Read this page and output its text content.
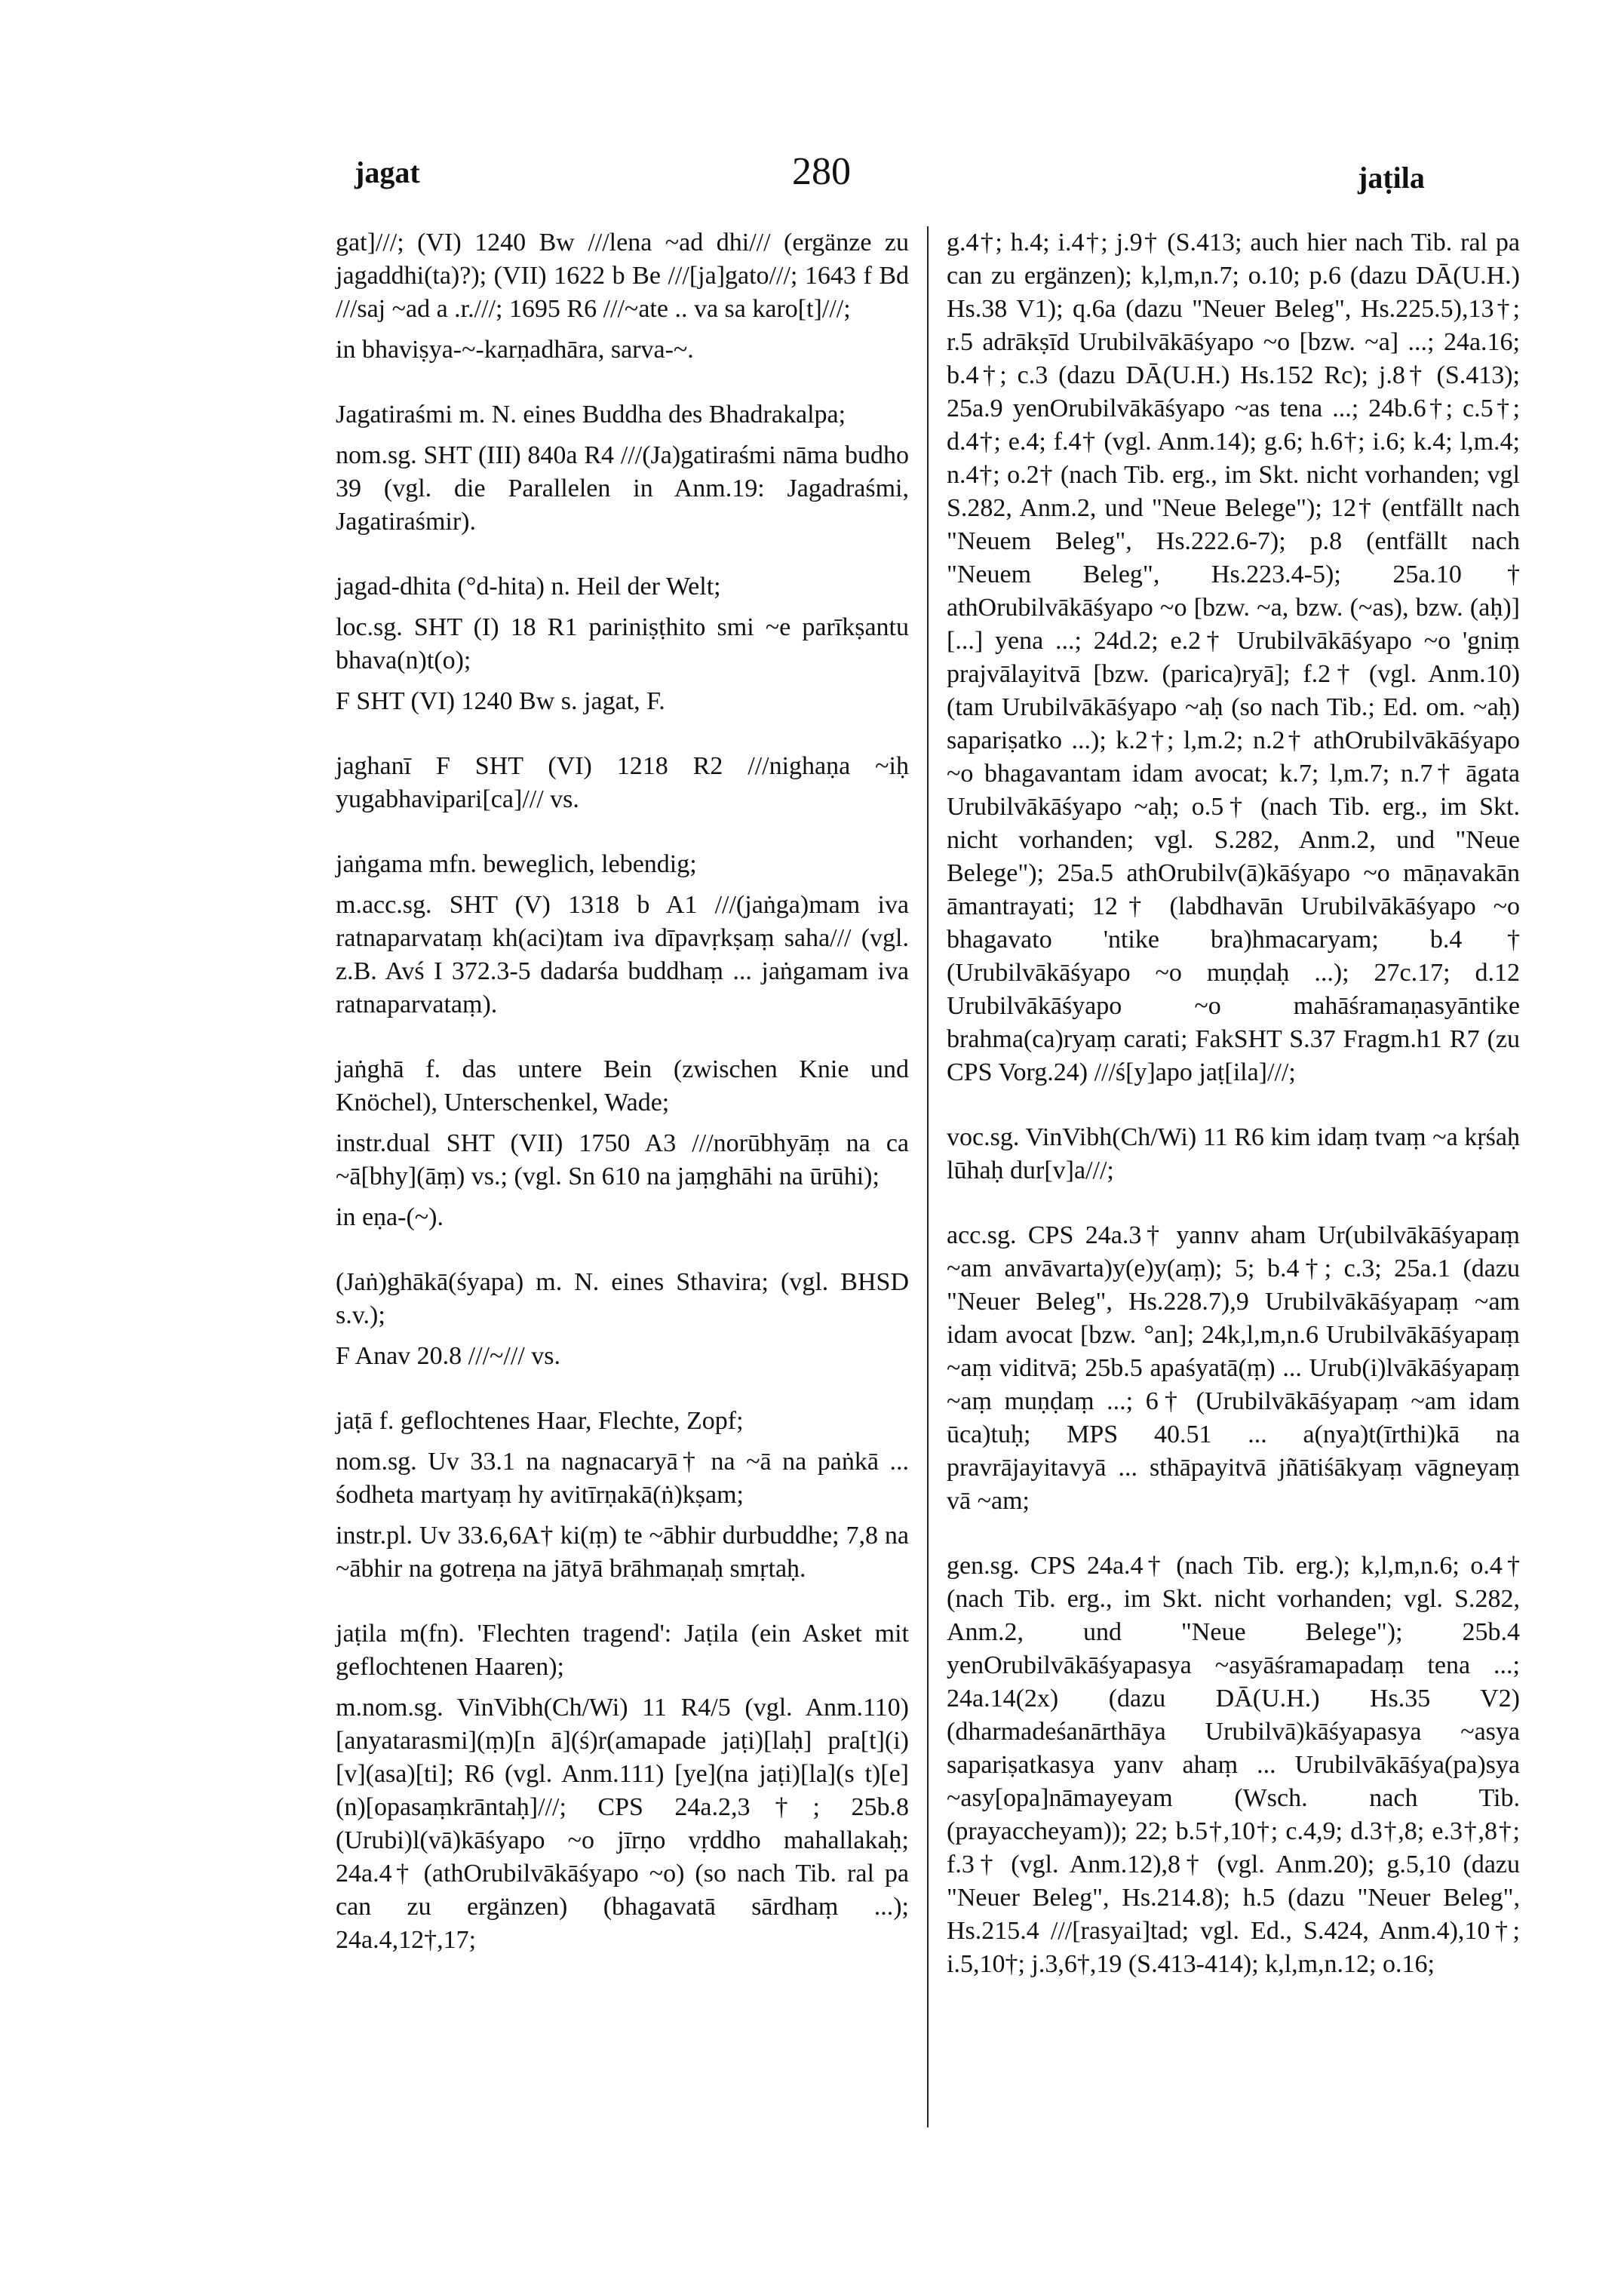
jagat	280	jaṭila

gat]///; (VI) 1240 Bw ///lena ~ad dhi/// (ergänze zu jagaddhi(ta)?); (VII) 1622 b Be ///[ja]gato///; 1643 f Bd ///saj ~ad a .r.///; 1695 R6 ///~ate .. va sa karo[t]///;

in bhaviṣya-~-karṇadhāra, sarva-~.

Jagatiraśmi m. N. eines Buddha des Bhadrakalpa;

nom.sg. SHT (III) 840a R4 ///(Ja)gatiraśmi nāma budho 39 (vgl. die Parallelen in Anm.19: Jagadraśmi, Jagatiraśmir).

jagad-dhita (°d-hita) n. Heil der Welt;

loc.sg. SHT (I) 18 R1 pariniṣṭhito smi ~e parīkṣantu bhava(n)t(o);

F SHT (VI) 1240 Bw s. jagat, F.

jaghanī F SHT (VI) 1218 R2 ///nighaṇa ~iḥ yugabhavipari[ca]/// vs.

jaṅgama mfn. beweglich, lebendig;

m.acc.sg. SHT (V) 1318 b A1 ///(jaṅga)mam iva ratnaparvataṃ kh(aci)tam iva dīpavṛkṣaṃ saha/// (vgl. z.B. Avś I 372.3-5 dadarśa buddhaṃ ... jaṅgamam iva ratnaparvataṃ).

jaṅghā f. das untere Bein (zwischen Knie und Knöchel), Unterschenkel, Wade;

instr.dual SHT (VII) 1750 A3 ///norūbhyāṃ na ca ~ā[bhy](āṃ) vs.; (vgl. Sn 610 na jaṃghāhi na ūrūhi);

in eṇa-(~).

(Jaṅ)ghākā(śyapa) m. N. eines Sthavira; (vgl. BHSD s.v.);

F Anav 20.8 ///~/// vs.

jaṭā f. geflochtenes Haar, Flechte, Zopf;

nom.sg. Uv 33.1 na nagnacaryā† na ~ā na paṅkā ... śodheta martyaṃ hy avitīrṇakā(ṅ)kṣam;

instr.pl. Uv 33.6,6A† ki(ṃ) te ~ābhir durbuddhe; 7,8 na ~ābhir na gotreṇa na jātyā brāhmaṇaḥ smṛtaḥ.

jaṭila m(fn). 'Flechten tragend': Jaṭila (ein Asket mit geflochtenen Haaren);

m.nom.sg. VinVibh(Ch/Wi) 11 R4/5 (vgl. Anm.110) [anyatarasmi](ṃ)[n ā](ś)r(amapade jaṭi)[laḥ] pra[t](i)[v](asa)[ti]; R6 (vgl. Anm.111) [ye](na jaṭi)[la](s t)[e](n)[opasaṃkrāntaḥ]///; CPS 24a.2,3†; 25b.8 (Urubi)l(vā)kāśyapo ~o jīrṇo vṛddho mahallakaḥ; 24a.4† (athOrubilvākāśyapo ~o) (so nach Tib. ral pa can zu ergänzen) (bhagavatā sārdhaṃ ...); 24a.4,12†,17;

g.4†; h.4; i.4†; j.9† (S.413; auch hier nach Tib. ral pa can zu ergänzen); k,l,m,n.7; o.10; p.6 (dazu DĀ(U.H.) Hs.38 V1); q.6a (dazu "Neuer Beleg", Hs.225.5),13†; r.5 adrākṣīd Urubilvākāśyapo ~o [bzw. ~a] ...; 24a.16; b.4†; c.3 (dazu DĀ(U.H.) Hs.152 Rc); j.8† (S.413); 25a.9 yenOrubilvākāśyapo ~as tena ...; 24b.6†; c.5†; d.4†; e.4; f.4† (vgl. Anm.14); g.6; h.6†; i.6; k.4; l,m.4; n.4†; o.2† (nach Tib. erg., im Skt. nicht vorhanden; vgl S.282, Anm.2, und "Neue Belege"); 12† (entfällt nach "Neuem Beleg", Hs.222.6-7); p.8 (entfällt nach "Neuem Beleg", Hs.223.4-5); 25a.10† athOrubilvākāśyapo ~o [bzw. ~a, bzw. (~as), bzw. (aḥ)] [...] yena ...; 24d.2; e.2† Urubilvākāśyapo ~o 'gniṃ prajvālayitvā [bzw. (parica)ryā]; f.2† (vgl. Anm.10) (tam Urubilvākāśyapo ~aḥ (so nach Tib.; Ed. om. ~aḥ) sapariṣatko ...); k.2†; l,m.2; n.2† athOrubilvākāśyapo ~o bhagavantam idam avocat; k.7; l,m.7; n.7† āgata Urubilvākāśyapo ~aḥ; o.5† (nach Tib. erg., im Skt. nicht vorhanden; vgl. S.282, Anm.2, und "Neue Belege"); 25a.5 athOrubilv(ā)kāśyapo ~o māṇavakān āmantrayati; 12† (labdhavān Urubilvākāśyapo ~o bhagavato 'ntike bra)hmacaryam; b.4† (Urubilvākāśyapo ~o muṇḍaḥ ...); 27c.17; d.12 Urubilvākāśyapo ~o mahāśramaṇasyāntike brahma(ca)ryaṃ carati; FakSHT S.37 Fragm.h1 R7 (zu CPS Vorg.24) ///ś[y]apo jaṭ[ila]///;

voc.sg. VinVibh(Ch/Wi) 11 R6 kim idaṃ tvaṃ ~a kṛśaḥ lūhaḥ dur[v]a///;

acc.sg. CPS 24a.3† yannv aham Ur(ubilvākāśyapaṃ ~am anvāvarta)y(e)y(aṃ); 5; b.4†; c.3; 25a.1 (dazu "Neuer Beleg", Hs.228.7),9 Urubilvākāśyapaṃ ~am idam avocat [bzw. °an]; 24k,l,m,n.6 Urubilvākāśyapaṃ ~aṃ viditvā; 25b.5 apaśyatā(ṃ) ... Urub(i)lvākāśyapaṃ ~aṃ muṇḍaṃ ...; 6† (Urubilvākāśyapaṃ ~am idam ūca)tuḥ; MPS 40.51 ... a(nya)t(īrthi)kā na pravrājayitavyā ... sthāpayitvā jñātiśākyaṃ vāgneyaṃ vā ~am;

gen.sg. CPS 24a.4† (nach Tib. erg.); k,l,m,n.6; o.4† (nach Tib. erg., im Skt. nicht vorhanden; vgl. S.282, Anm.2, und "Neue Belege"); 25b.4 yenOrubilvākāśyapasya ~asyāśramapadaṃ tena ...; 24a.14(2x) (dazu DĀ(U.H.) Hs.35 V2) (dharmadeśanārthāya Urubilvā)kāśyapasya ~asya sapariṣatkasya yanv ahaṃ ... Urubilvākāśya(pa)sya ~asy[opa]nāmayeyam (Wsch. nach Tib. (prayaccheyam)); 22; b.5†,10†; c.4,9; d.3†,8; e.3†,8†; f.3† (vgl. Anm.12),8† (vgl. Anm.20); g.5,10 (dazu "Neuer Beleg", Hs.214.8); h.5 (dazu "Neuer Beleg", Hs.215.4 ///[rasyai]tad; vgl. Ed., S.424, Anm.4),10†; i.5,10†; j.3,6†,19 (S.413-414); k,l,m,n.12; o.16;
